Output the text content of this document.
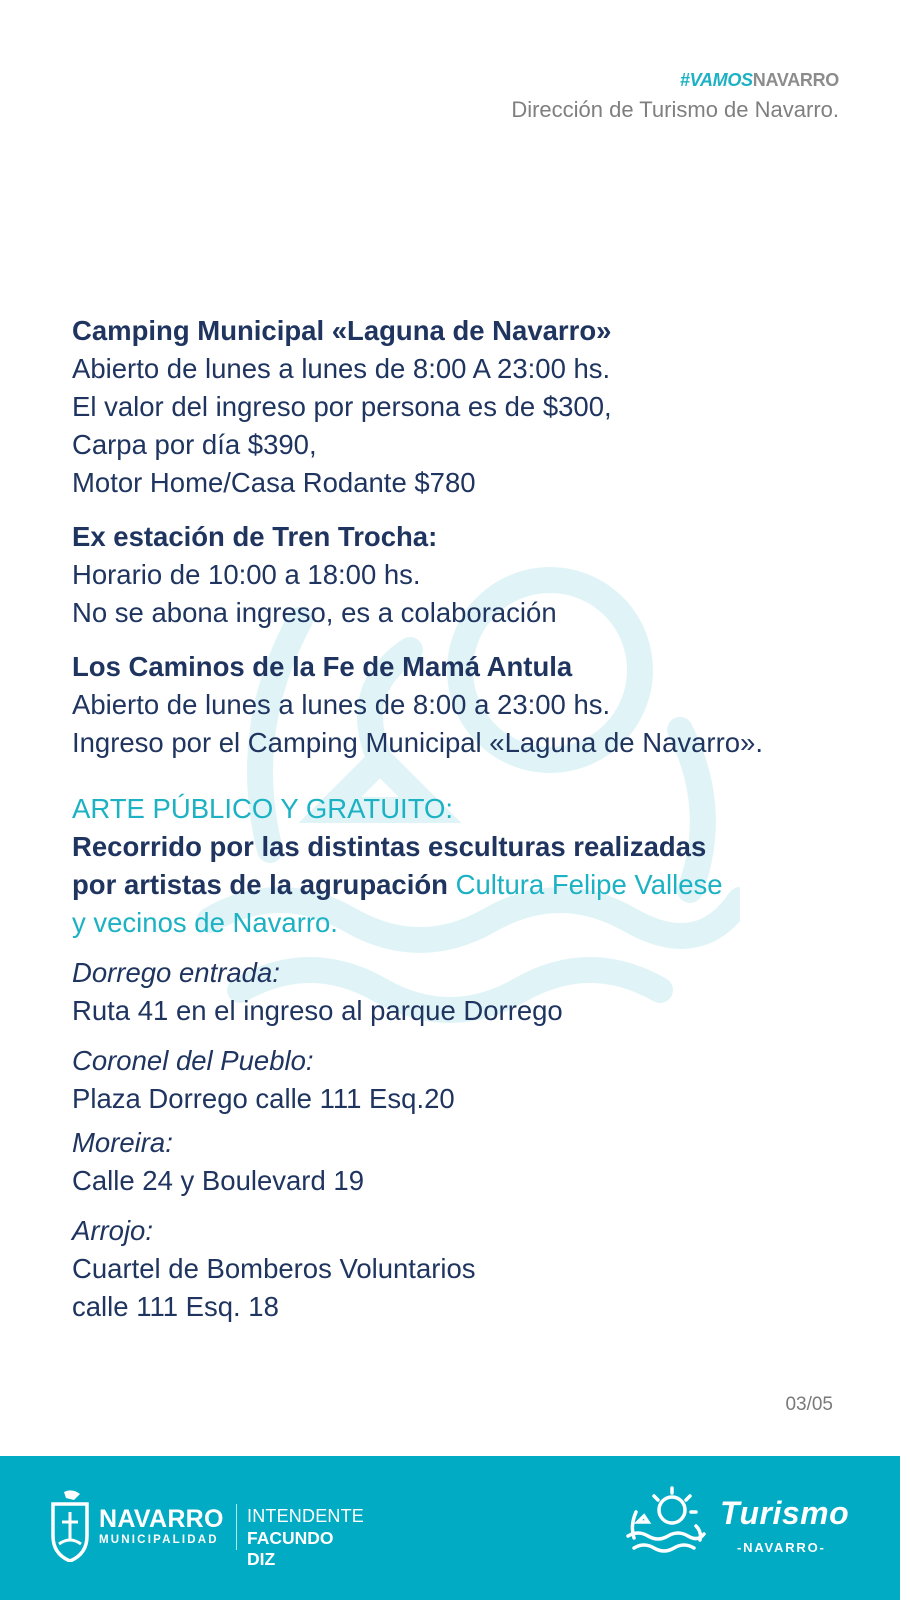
#VAMOSNAVARRO
Dirección de Turismo de Navarro.
Camping Municipal «Laguna de Navarro»
Abierto de lunes a lunes de 8:00 A 23:00 hs.
El valor del ingreso por persona es de $300,
Carpa por día $390,
Motor Home/Casa Rodante $780
Ex estación de Tren Trocha:
Horario de 10:00 a 18:00 hs.
No se abona ingreso, es a colaboración
Los Caminos de la Fe de Mamá Antula
Abierto de lunes a lunes de 8:00 a 23:00 hs.
Ingreso por el Camping Municipal «Laguna de Navarro».
ARTE PÚBLICO Y GRATUITO:
Recorrido por las distintas esculturas realizadas
por artistas de la agrupación Cultura Felipe Vallese
y vecinos de Navarro.
Dorrego entrada:
Ruta 41 en el ingreso al parque Dorrego
Coronel del Pueblo:
Plaza Dorrego calle 111 Esq.20
Moreira:
Calle 24 y Boulevard 19
Arrojo:
Cuartel de Bomberos Voluntarios
calle 111 Esq. 18
03/05
NAVARRO
MUNICIPALIDAD
INTENDENTE
FACUNDO DIZ
Turismo
-NAVARRO-
